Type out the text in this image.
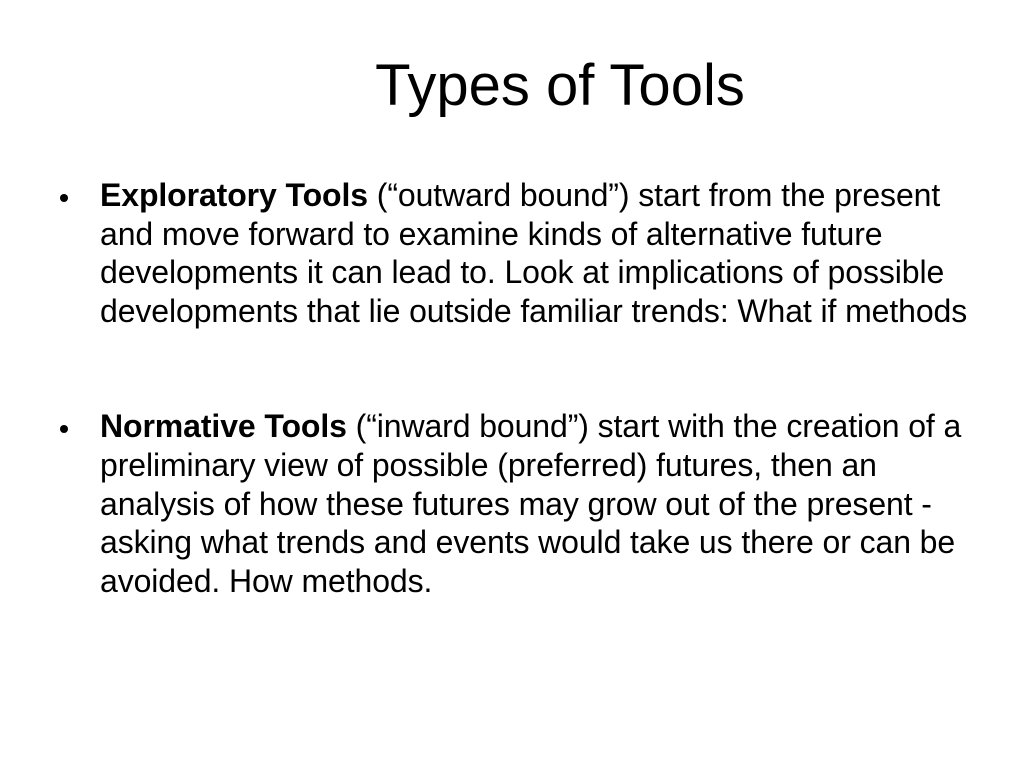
Types of Tools
Exploratory Tools (“outward bound”) start from the present and move forward to examine kinds of alternative future developments it can lead to. Look at implications of possible developments that lie outside familiar trends: What if methods
Normative Tools (“inward bound”) start with the creation of a preliminary view of possible (preferred) futures, then an analysis of how these futures may grow out of the present - asking what trends and events would take us there or can be avoided. How methods.
